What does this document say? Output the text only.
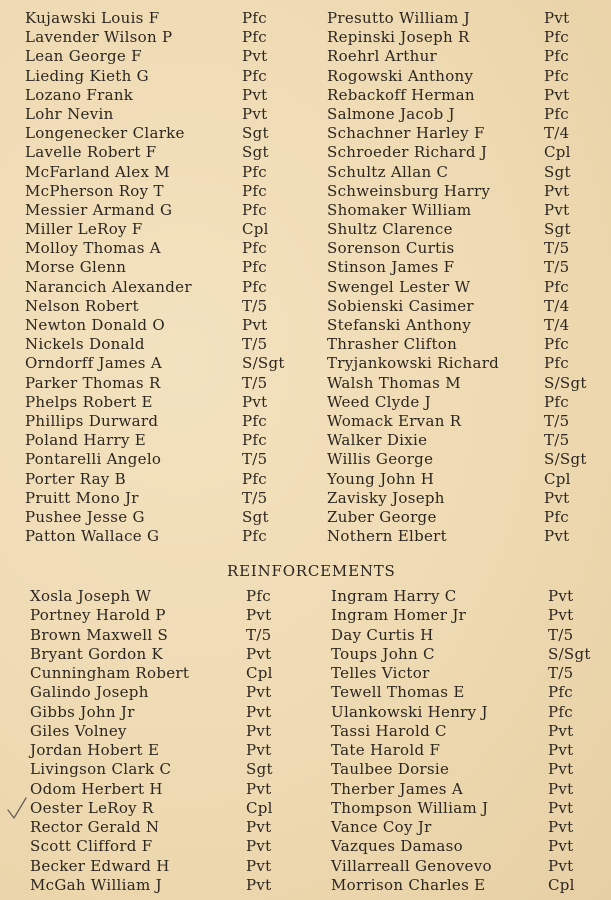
Kujawski Louis F	Pfc	Presutto William J	Pvt
Lavender Wilson P	Pfc	Repinski Joseph R	Pfc
Lean George F	Pvt	Roehrl Arthur	Pfc
Lieding Kieth G	Pfc	Rogowski Anthony	Pfc
Lozano Frank	Pvt	Rebackoff Herman	Pvt
Lohr Nevin	Pvt	Salmone Jacob J	Pfc
Longenecker Clarke	Sgt	Schachner Harley F	T/4
Lavelle Robert F	Sgt	Schroeder Richard J	Cpl
McFarland Alex M	Pfc	Schultz Allan C	Sgt
McPherson Roy T	Pfc	Schweinsburg Harry	Pvt
Messier Armand G	Pfc	Shomaker William	Pvt
Miller LeRoy F	Cpl	Shultz Clarence	Sgt
Molloy Thomas A	Pfc	Sorenson Curtis	T/5
Morse Glenn	Pfc	Stinson James F	T/5
Narancich Alexander	Pfc	Swengel Lester W	Pfc
Nelson Robert	T/5	Sobienski Casimer	T/4
Newton Donald O	Pvt	Stefanski Anthony	T/4
Nickels Donald	T/5	Thrasher Clifton	Pfc
Orndorff James A	S/Sgt	Tryjankowski Richard	Pfc
Parker Thomas R	T/5	Walsh Thomas M	S/Sgt
Phelps Robert E	Pvt	Weed Clyde J	Pfc
Phillips Durward	Pfc	Womack Ervan R	T/5
Poland Harry E	Pfc	Walker Dixie	T/5
Pontarelli Angelo	T/5	Willis George	S/Sgt
Porter Ray B	Pfc	Young John H	Cpl
Pruitt Mono Jr	T/5	Zavisky Joseph	Pvt
Pushee Jesse G	Sgt	Zuber George	Pfc
Patton Wallace G	Pfc	Nothern Elbert	Pvt
REINFORCEMENTS
Xosla Joseph W	Pfc	Ingram Harry C	Pvt
Portney Harold P	Pvt	Ingram Homer Jr	Pvt
Brown Maxwell S	T/5	Day Curtis H	T/5
Bryant Gordon K	Pvt	Toups John C	S/Sgt
Cunningham Robert	Cpl	Telles Victor	T/5
Galindo Joseph	Pvt	Tewell Thomas E	Pfc
Gibbs John Jr	Pvt	Ulankowski Henry J	Pfc
Giles Volney	Pvt	Tassi Harold C	Pvt
Jordan Hobert E	Pvt	Tate Harold F	Pvt
Livingson Clark C	Sgt	Taulbee Dorsie	Pvt
Odom Herbert H	Pvt	Therber James A	Pvt
Oester LeRoy R	Cpl	Thompson William J	Pvt
Rector Gerald N	Pvt	Vance Coy Jr	Pvt
Scott Clifford F	Pvt	Vazques Damaso	Pvt
Becker Edward H	Pvt	Villarreall Genovevo	Pvt
McGah William J	Pvt	Morrison Charles E	Cpl
